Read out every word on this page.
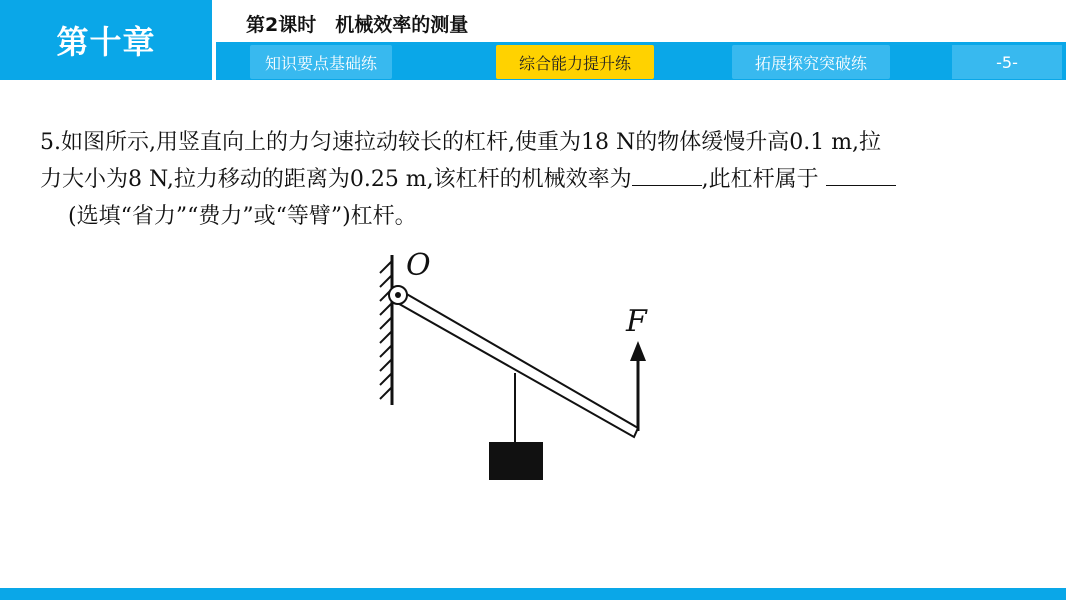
第十章	第2课时　机械效率的测量
知识要点基础练	综合能力提升练	拓展探究突破练	-5-
5.如图所示,用竖直向上的力匀速拉动较长的杠杆,使重为18 N的物体缓慢升高0.1 m,拉
力大小为8 N,拉力移动的距离为0.25 m,该杠杆的机械效率为	,此杠杆属于
(选填“省力”“费力”或“等臂”)杠杆。
O
F
